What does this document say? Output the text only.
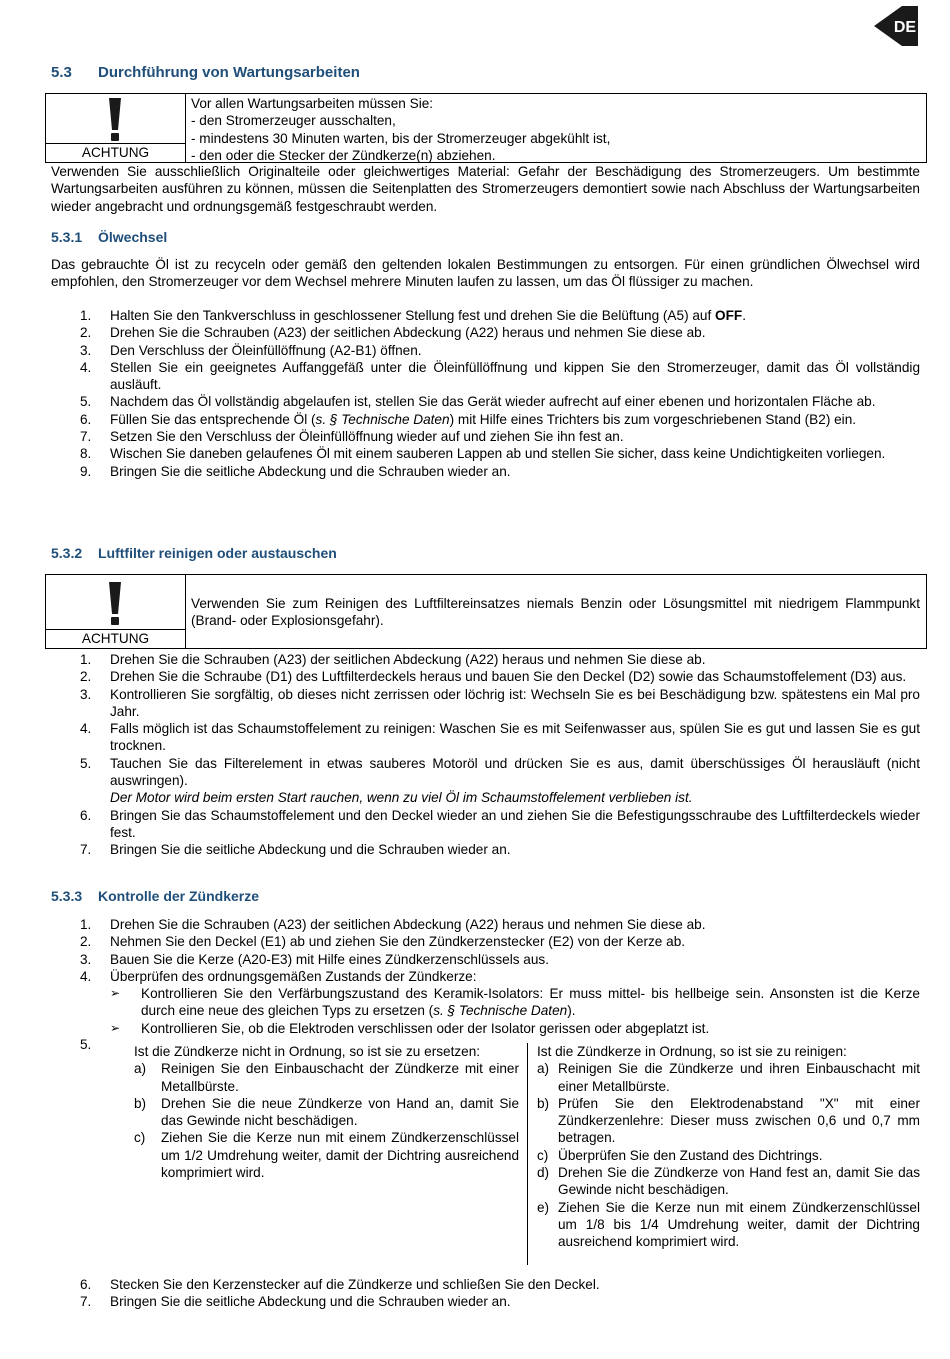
DE
5.3 Durchführung von Wartungsarbeiten
ACHTUNG
Vor allen Wartungsarbeiten müssen Sie:
- den Stromerzeuger ausschalten,
- mindestens 30 Minuten warten, bis der Stromerzeuger abgekühlt ist,
- den oder die Stecker der Zündkerze(n) abziehen.
Verwenden Sie ausschließlich Originalteile oder gleichwertiges Material: Gefahr der Beschädigung des Stromerzeugers. Um bestimmte Wartungsarbeiten ausführen zu können, müssen die Seitenplatten des Stromerzeugers demontiert sowie nach Abschluss der Wartungsarbeiten wieder angebracht und ordnungsgemäß festgeschraubt werden.
5.3.1 Ölwechsel
Das gebrauchte Öl ist zu recyceln oder gemäß den geltenden lokalen Bestimmungen zu entsorgen. Für einen gründlichen Ölwechsel wird empfohlen, den Stromerzeuger vor dem Wechsel mehrere Minuten laufen zu lassen, um das Öl flüssiger zu machen.
1. Halten Sie den Tankverschluss in geschlossener Stellung fest und drehen Sie die Belüftung (A5) auf OFF.
2. Drehen Sie die Schrauben (A23) der seitlichen Abdeckung (A22) heraus und nehmen Sie diese ab.
3. Den Verschluss der Öleinfüllöffnung (A2-B1) öffnen.
4. Stellen Sie ein geeignetes Auffanggefäß unter die Öleinfüllöffnung und kippen Sie den Stromerzeuger, damit das Öl vollständig ausläuft.
5. Nachdem das Öl vollständig abgelaufen ist, stellen Sie das Gerät wieder aufrecht auf einer ebenen und horizontalen Fläche ab.
6. Füllen Sie das entsprechende Öl (s. § Technische Daten) mit Hilfe eines Trichters bis zum vorgeschriebenen Stand (B2) ein.
7. Setzen Sie den Verschluss der Öleinfüllöffnung wieder auf und ziehen Sie ihn fest an.
8. Wischen Sie daneben gelaufenes Öl mit einem sauberen Lappen ab und stellen Sie sicher, dass keine Undichtigkeiten vorliegen.
9. Bringen Sie die seitliche Abdeckung und die Schrauben wieder an.
5.3.2 Luftfilter reinigen oder austauschen
ACHTUNG
Verwenden Sie zum Reinigen des Luftfiltereinsatzes niemals Benzin oder Lösungsmittel mit niedrigem Flammpunkt (Brand- oder Explosionsgefahr).
1. Drehen Sie die Schrauben (A23) der seitlichen Abdeckung (A22) heraus und nehmen Sie diese ab.
2. Drehen Sie die Schraube (D1) des Luftfilterdeckels heraus und bauen Sie den Deckel (D2) sowie das Schaumstoffelement (D3) aus.
3. Kontrollieren Sie sorgfältig, ob dieses nicht zerrissen oder löchrig ist: Wechseln Sie es bei Beschädigung bzw. spätestens ein Mal pro Jahr.
4. Falls möglich ist das Schaumstoffelement zu reinigen: Waschen Sie es mit Seifenwasser aus, spülen Sie es gut und lassen Sie es gut trocknen.
5. Tauchen Sie das Filterelement in etwas sauberes Motoröl und drücken Sie es aus, damit überschüssiges Öl herausläuft (nicht auswringen).
Der Motor wird beim ersten Start rauchen, wenn zu viel Öl im Schaumstoffelement verblieben ist.
6. Bringen Sie das Schaumstoffelement und den Deckel wieder an und ziehen Sie die Befestigungsschraube des Luftfilterdeckels wieder fest.
7. Bringen Sie die seitliche Abdeckung und die Schrauben wieder an.
5.3.3 Kontrolle der Zündkerze
1. Drehen Sie die Schrauben (A23) der seitlichen Abdeckung (A22) heraus und nehmen Sie diese ab.
2. Nehmen Sie den Deckel (E1) ab und ziehen Sie den Zündkerzenstecker (E2) von der Kerze ab.
3. Bauen Sie die Kerze (A20-E3) mit Hilfe eines Zündkerzenschlüssels aus.
4. Überprüfen des ordnungsgemäßen Zustands der Zündkerze:
➢ Kontrollieren Sie den Verfärbungszustand des Keramik-Isolators: Er muss mittel- bis hellbeige sein. Ansonsten ist die Kerze durch eine neue des gleichen Typs zu ersetzen (s. § Technische Daten).
➢ Kontrollieren Sie, ob die Elektroden verschlissen oder der Isolator gerissen oder abgeplatzt ist.
5.	Ist die Zündkerze nicht in Ordnung, so ist sie zu ersetzen:
a) Reinigen Sie den Einbauschacht der Zündkerze mit einer Metallbürste.
b) Drehen Sie die neue Zündkerze von Hand an, damit Sie das Gewinde nicht beschädigen.
c) Ziehen Sie die Kerze nun mit einem Zündkerzenschlüssel um 1/2 Umdrehung weiter, damit der Dichtring ausreichend komprimiert wird.
Ist die Zündkerze in Ordnung, so ist sie zu reinigen:
a) Reinigen Sie die Zündkerze und ihren Einbauschacht mit einer Metallbürste.
b) Prüfen Sie den Elektrodenabstand "X" mit einer Zündkerzenlehre: Dieser muss zwischen 0,6 und 0,7 mm betragen.
c) Überprüfen Sie den Zustand des Dichtrings.
d) Drehen Sie die Zündkerze von Hand fest an, damit Sie das Gewinde nicht beschädigen.
e) Ziehen Sie die Kerze nun mit einem Zündkerzenschlüssel um 1/8 bis 1/4 Umdrehung weiter, damit der Dichtring ausreichend komprimiert wird.
6. Stecken Sie den Kerzenstecker auf die Zündkerze und schließen Sie den Deckel.
7. Bringen Sie die seitliche Abdeckung und die Schrauben wieder an.
